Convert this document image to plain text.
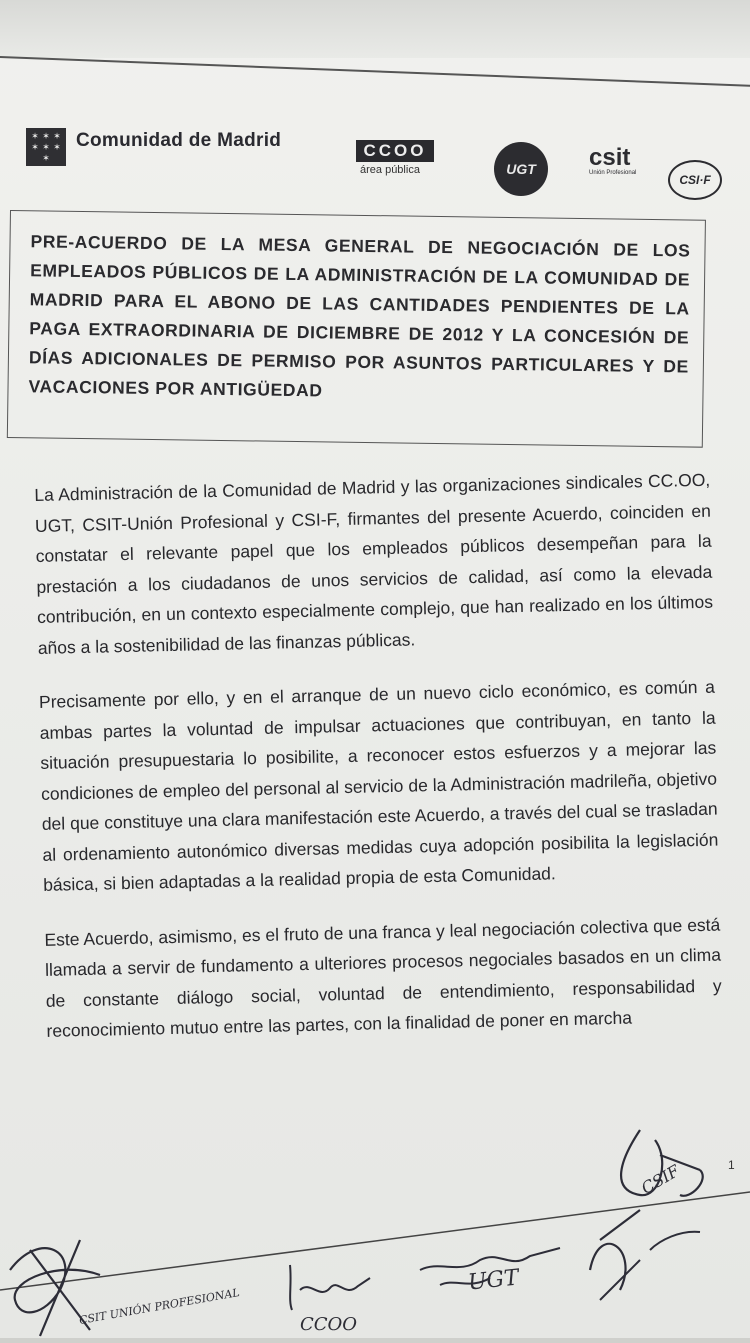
✶ ✶ ✶
✶ ✶ ✶
✶
Comunidad de Madrid	CCOO
área pública	UGT	csit
Unión Profesional	CSI·F
PRE-ACUERDO DE LA MESA GENERAL DE NEGOCIACIÓN DE LOS EMPLEADOS PÚBLICOS DE LA ADMINISTRACIÓN DE LA COMUNIDAD DE MADRID PARA EL ABONO DE LAS CANTIDADES PENDIENTES DE LA PAGA EXTRAORDINARIA DE DICIEMBRE DE 2012 Y LA CONCESIÓN DE DÍAS ADICIONALES DE PERMISO POR ASUNTOS PARTICULARES Y DE VACACIONES POR ANTIGÜEDAD

La Administración de la Comunidad de Madrid y las organizaciones sindicales CC.OO, UGT, CSIT-Unión Profesional y CSI-F, firmantes del presente Acuerdo, coinciden en constatar el relevante papel que los empleados públicos desempeñan para la prestación a los ciudadanos de unos servicios de calidad, así como la elevada contribución, en un contexto especialmente complejo, que han realizado en los últimos años a la sostenibilidad de las finanzas públicas.

Precisamente por ello, y en el arranque de un nuevo ciclo económico, es común a ambas partes la voluntad de impulsar actuaciones que contribuyan, en tanto la situación presupuestaria lo posibilite, a reconocer estos esfuerzos y a mejorar las condiciones de empleo del personal al servicio de la Administración madrileña, objetivo del que constituye una clara manifestación este Acuerdo, a través del cual se trasladan al ordenamiento autonómico diversas medidas cuya adopción posibilita la legislación básica, si bien adaptadas a la realidad propia de esta Comunidad.

Este Acuerdo, asimismo, es el fruto de una franca y leal negociación colectiva que está llamada a servir de fundamento a ulteriores procesos negociales basados en un clima de constante diálogo social, voluntad de entendimiento, responsabilidad y reconocimiento mutuo entre las partes, con la finalidad de poner en marcha

1
CSIT UNIÓN PROFESIONAL
UGT
CCOO
CSIF
